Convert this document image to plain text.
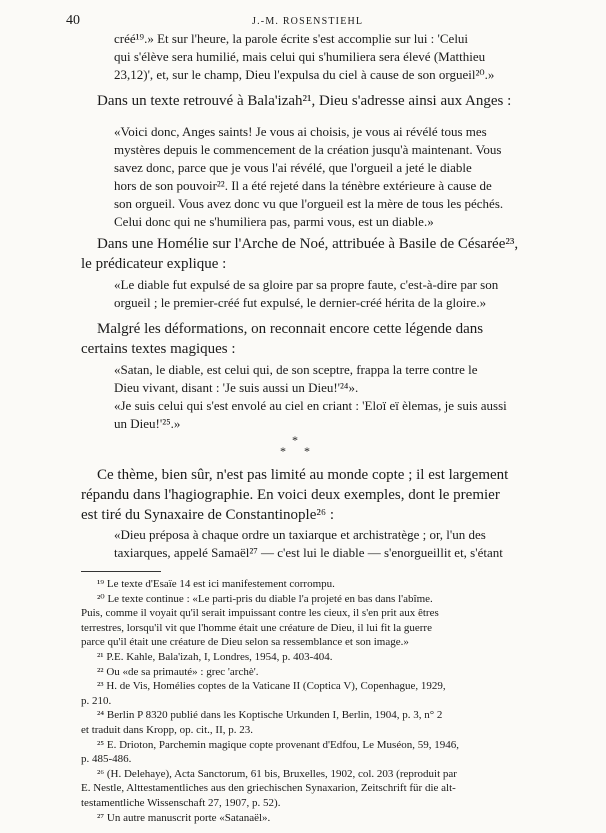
40	J.-M. ROSENSTIEHL
créé¹⁹.» Et sur l'heure, la parole écrite s'est accomplie sur lui : 'Celui
qui s'élève sera humilié, mais celui qui s'humiliera sera élevé (Matthieu
23,12)', et, sur le champ, Dieu l'expulsa du ciel à cause de son orgueil²⁰.»
Dans un texte retrouvé à Bala'izah²¹, Dieu s'adresse ainsi aux Anges :
«Voici donc, Anges saints! Je vous ai choisis, je vous ai révélé tous mes
mystères depuis le commencement de la création jusqu'à maintenant. Vous
savez donc, parce que je vous l'ai révélé, que l'orgueil a jeté le diable
hors de son pouvoir²². Il a été rejeté dans la ténèbre extérieure à cause de
son orgueil. Vous avez donc vu que l'orgueil est la mère de tous les péchés.
Celui donc qui ne s'humiliera pas, parmi vous, est un diable.»
Dans une Homélie sur l'Arche de Noé, attribuée à Basile de Césarée²³,
le prédicateur explique :
«Le diable fut expulsé de sa gloire par sa propre faute, c'est-à-dire par son
orgueil ; le premier-créé fut expulsé, le dernier-créé hérita de la gloire.»
Malgré les déformations, on reconnait encore cette légende dans
certains textes magiques :
«Satan, le diable, est celui qui, de son sceptre, frappa la terre contre le
Dieu vivant, disant : 'Je suis aussi un Dieu!'²⁴».
«Je suis celui qui s'est envolé au ciel en criant : 'Eloï eï èlemas, je suis aussi
un Dieu!'²⁵.»
*
* *
Ce thème, bien sûr, n'est pas limité au monde copte ; il est largement
répandu dans l'hagiographie. En voici deux exemples, dont le premier
est tiré du Synaxaire de Constantinople²⁶ :
«Dieu préposa à chaque ordre un taxiarque et archistratège ; or, l'un des
taxiarques, appelé Samaël²⁷ — c'est lui le diable — s'enorgueillit et, s'étant
¹⁹ Le texte d'Esaïe 14 est ici manifestement corrompu.
²⁰ Le texte continue : «Le parti-pris du diable l'a projeté en bas dans l'abîme.
Puis, comme il voyait qu'il serait impuissant contre les cieux, il s'en prit aux êtres
terrestres, lorsqu'il vit que l'homme était une créature de Dieu, il lui fit la guerre
parce qu'il était une créature de Dieu selon sa ressemblance et son image.»
²¹ P.E. Kahle, Bala'izah, I, Londres, 1954, p. 403-404.
²² Ou «de sa primauté» : grec 'archè'.
²³ H. de Vis, Homélies coptes de la Vaticane II (Coptica V), Copenhague, 1929,
p. 210.
²⁴ Berlin P 8320 publié dans les Koptische Urkunden I, Berlin, 1904, p. 3, n° 2
et traduit dans Kropp, op. cit., II, p. 23.
²⁵ E. Drioton, Parchemin magique copte provenant d'Edfou, Le Muséon, 59, 1946,
p. 485-486.
²⁶ (H. Delehaye), Acta Sanctorum, 61 bis, Bruxelles, 1902, col. 203 (reproduit par
E. Nestle, Alttestamentliches aus den griechischen Synaxarion, Zeitschrift für die alt-
testamentliche Wissenschaft 27, 1907, p. 52).
²⁷ Un autre manuscrit porte «Satanaël».
